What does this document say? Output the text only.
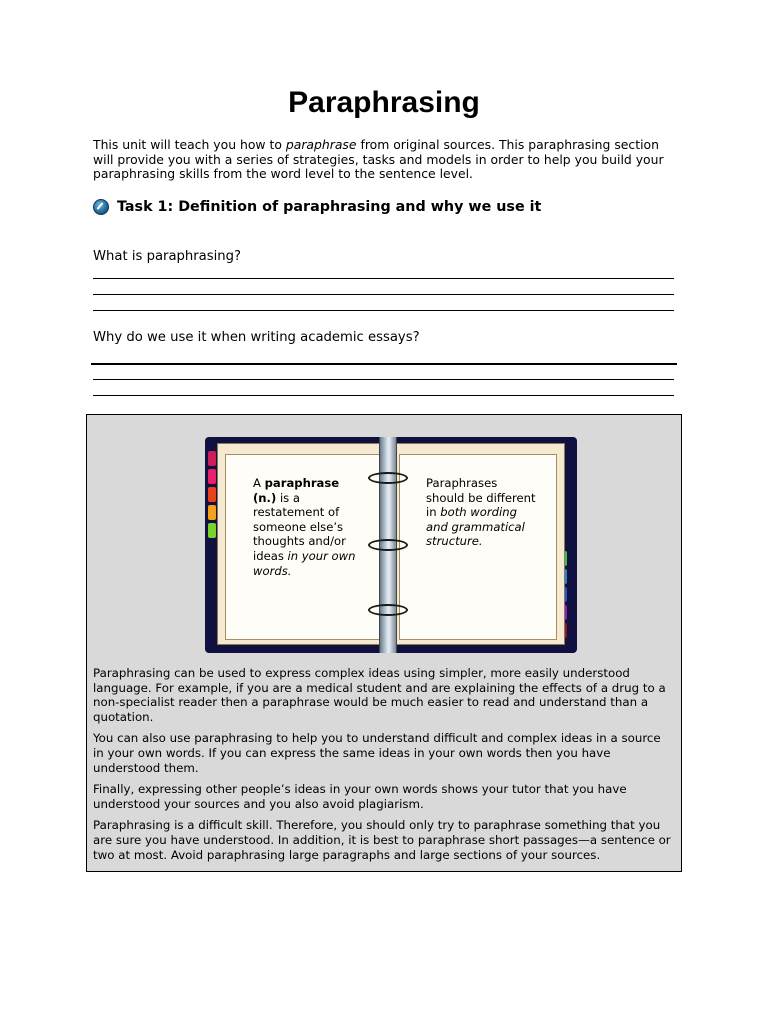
Paraphrasing
This unit will teach you how to paraphrase from original sources. This paraphrasing section will provide you with a series of strategies, tasks and models in order to help you build your paraphrasing skills from the word level to the sentence level.
Task 1: Definition of paraphrasing and why we use it
What is paraphrasing?
Why do we use it when writing academic essays?
A paraphrase (n.) is a restatement of someone else’s thoughts and/or ideas in your own words.
Paraphrases should be different in both wording and grammatical structure.

Paraphrasing can be used to express complex ideas using simpler, more easily understood language. For example, if you are a medical student and are explaining the effects of a drug to a non-specialist reader then a paraphrase would be much easier to read and understand than a quotation.

You can also use paraphrasing to help you to understand difficult and complex ideas in a source in your own words. If you can express the same ideas in your own words then you have understood them.

Finally, expressing other people’s ideas in your own words shows your tutor that you have understood your sources and you also avoid plagiarism.

Paraphrasing is a difficult skill. Therefore, you should only try to paraphrase something that you are sure you have understood. In addition, it is best to paraphrase short passages—a sentence or two at most. Avoid paraphrasing large paragraphs and large sections of your sources.
